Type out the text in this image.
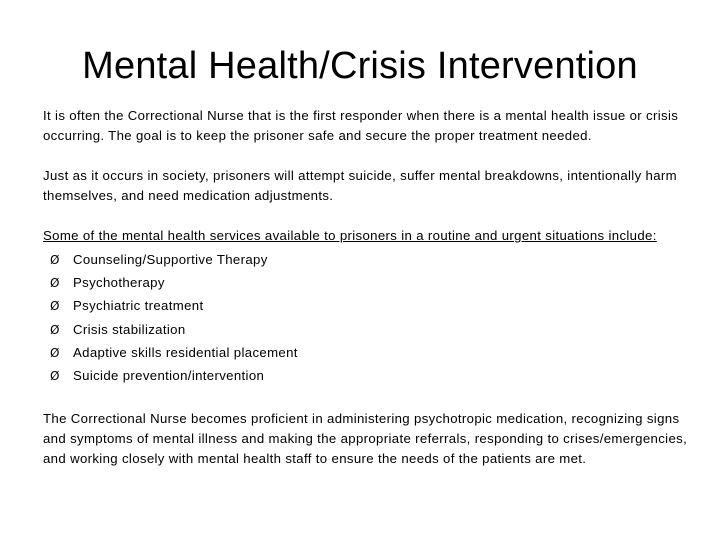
Mental Health/Crisis Intervention

It is often the Correctional Nurse that is the first responder when there is a mental health issue or crisis occurring. The goal is to keep the prisoner safe and secure the proper treatment needed.

Just as it occurs in society, prisoners will attempt suicide, suffer mental breakdowns, intentionally harm themselves, and need medication adjustments.

Some of the mental health services available to prisoners in a routine and urgent situations include:

Ø	Counseling/Supportive Therapy
Ø	Psychotherapy
Ø	Psychiatric treatment
Ø	Crisis stabilization
Ø	Adaptive skills residential placement
Ø	Suicide prevention/intervention

The Correctional Nurse becomes proficient in administering psychotropic medication, recognizing signs and symptoms of mental illness and making the appropriate referrals, responding to crises/emergencies, and working closely with mental health staff to ensure the needs of the patients are met.
